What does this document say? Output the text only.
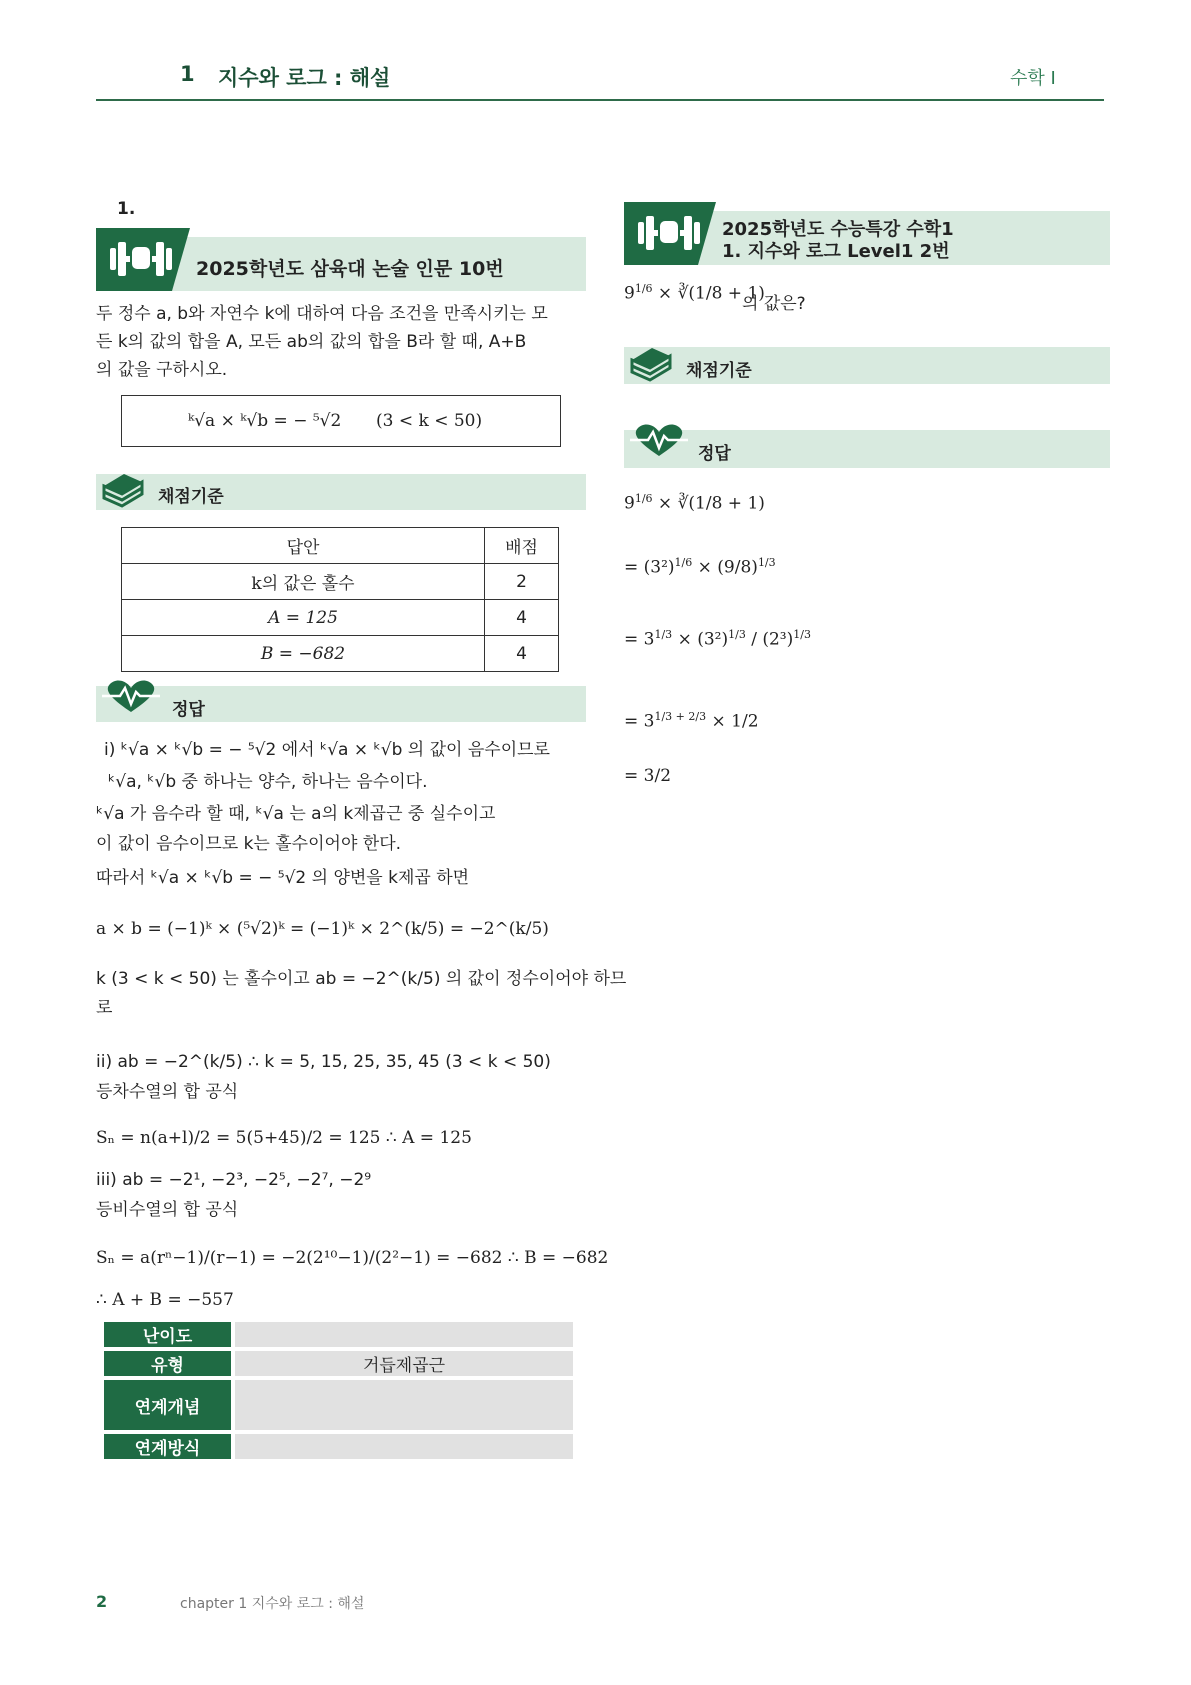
1 지수와 로그 : 해설	수학 I
1.
2025학년도 삼육대 논술 인문 10번
두 정수 a, b와 자연수 k에 대하여 다음 조건을 만족시키는 모
든 k의 값의 합을 A, 모든 ab의 값의 합을 B라 할 때, A+B
의 값을 구하시오.
ᵏ√a × ᵏ√b = − ⁵√2 (3 < k < 50)
채점기준
답안	배점
k의 값은 홀수	2
A = 125	4
B = −682	4
정답
i) ᵏ√a × ᵏ√b = − ⁵√2 에서 ᵏ√a × ᵏ√b 의 값이 음수이므로
ᵏ√a, ᵏ√b 중 하나는 양수, 하나는 음수이다.
ᵏ√a 가 음수라 할 때, ᵏ√a 는 a의 k제곱근 중 실수이고
이 값이 음수이므로 k는 홀수이어야 한다.
따라서 ᵏ√a × ᵏ√b = − ⁵√2 의 양변을 k제곱 하면
a × b = (−1)ᵏ × (⁵√2)ᵏ = (−1)ᵏ × 2^(k/5) = −2^(k/5)
k (3 < k < 50) 는 홀수이고 ab = −2^(k/5) 의 값이 정수이어야 하므
로
ii) ab = −2^(k/5) ∴ k = 5, 15, 25, 35, 45 (3 < k < 50)
등차수열의 합 공식
Sₙ = n(a+l)/2 = 5(5+45)/2 = 125 ∴ A = 125
iii) ab = −2¹, −2³, −2⁵, −2⁷, −2⁹
등비수열의 합 공식
Sₙ = a(rⁿ−1)/(r−1) = −2(2¹⁰−1)/(2²−1) = −682 ∴ B = −682
∴ A + B = −557
난이도
유형	거듭제곱근
연계개념
연계방식
2025학년도 수능특강 수학1
1. 지수와 로그 Level1 2번
$9^{1/6}$ × ∛(1/8 + 1)
의 값은?
채점기준
정답
$9^{1/6}$ × ∛(1/8 + 1)
= $(3^2)^{1/6} \times (9/8)^{1/3}$
= $3^{1/3} \times (3^2)^{1/3} / (2^3)^{1/3}$
= $3^{1/3 + 2/3} \times 1/2$
= 3/2
2	chapter 1 지수와 로그 : 해설
